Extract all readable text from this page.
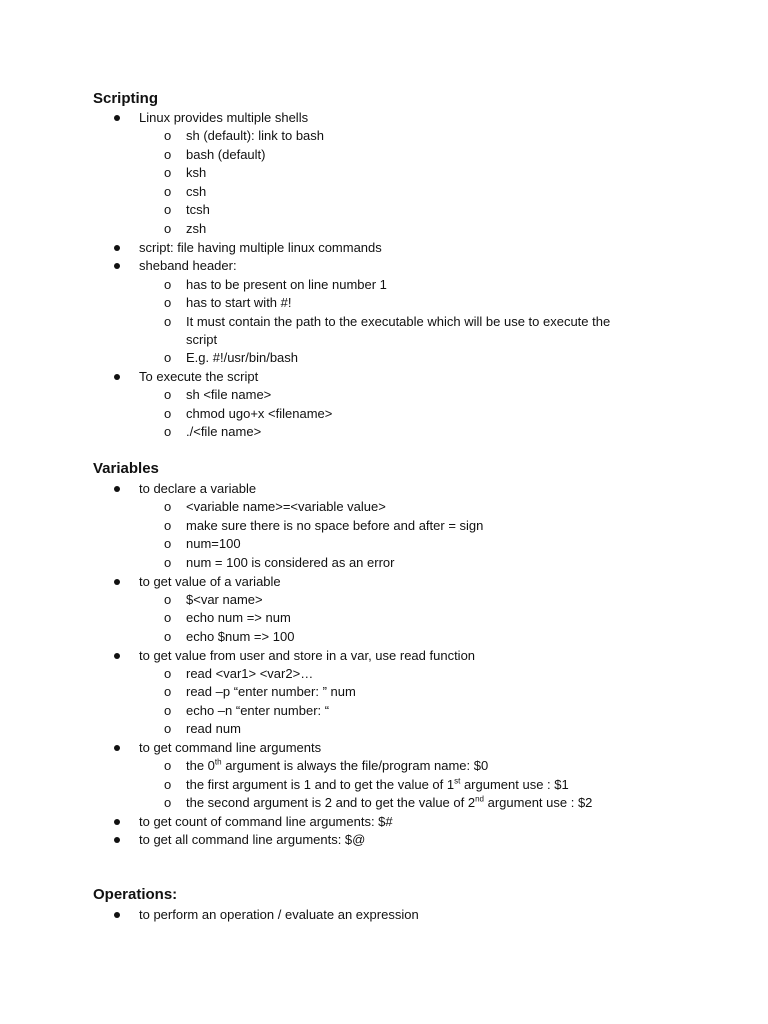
Scripting
Linux provides multiple shells
o sh (default): link to bash
o bash (default)
o ksh
o csh
o tcsh
o zsh
script: file having multiple linux commands
sheband header:
o has to be present on line number 1
o has to start with #!
o It must contain the path to the executable which will be use to execute the
script
o E.g. #!/usr/bin/bash
To execute the script
o sh <file name>
o chmod ugo+x <filename>
o ./<file name>
Variables
to declare a variable
o <variable name>=<variable value>
o make sure there is no space before and after = sign
o num=100
o num = 100 is considered as an error
to get value of a variable
o $<var name>
o echo num => num
o echo $num => 100
to get value from user and store in a var, use read function
o read <var1> <var2>…
o read –p “enter number: ” num
o echo –n “enter number: “
o read num
to get command line arguments
o the 0th argument is always the file/program name: $0
o the first argument is 1 and to get the value of 1st argument use : $1
o the second argument is 2 and to get the value of 2nd argument use : $2
to get count of command line arguments: $#
to get all command line arguments: $@
Operations:
to perform an operation / evaluate an expression
